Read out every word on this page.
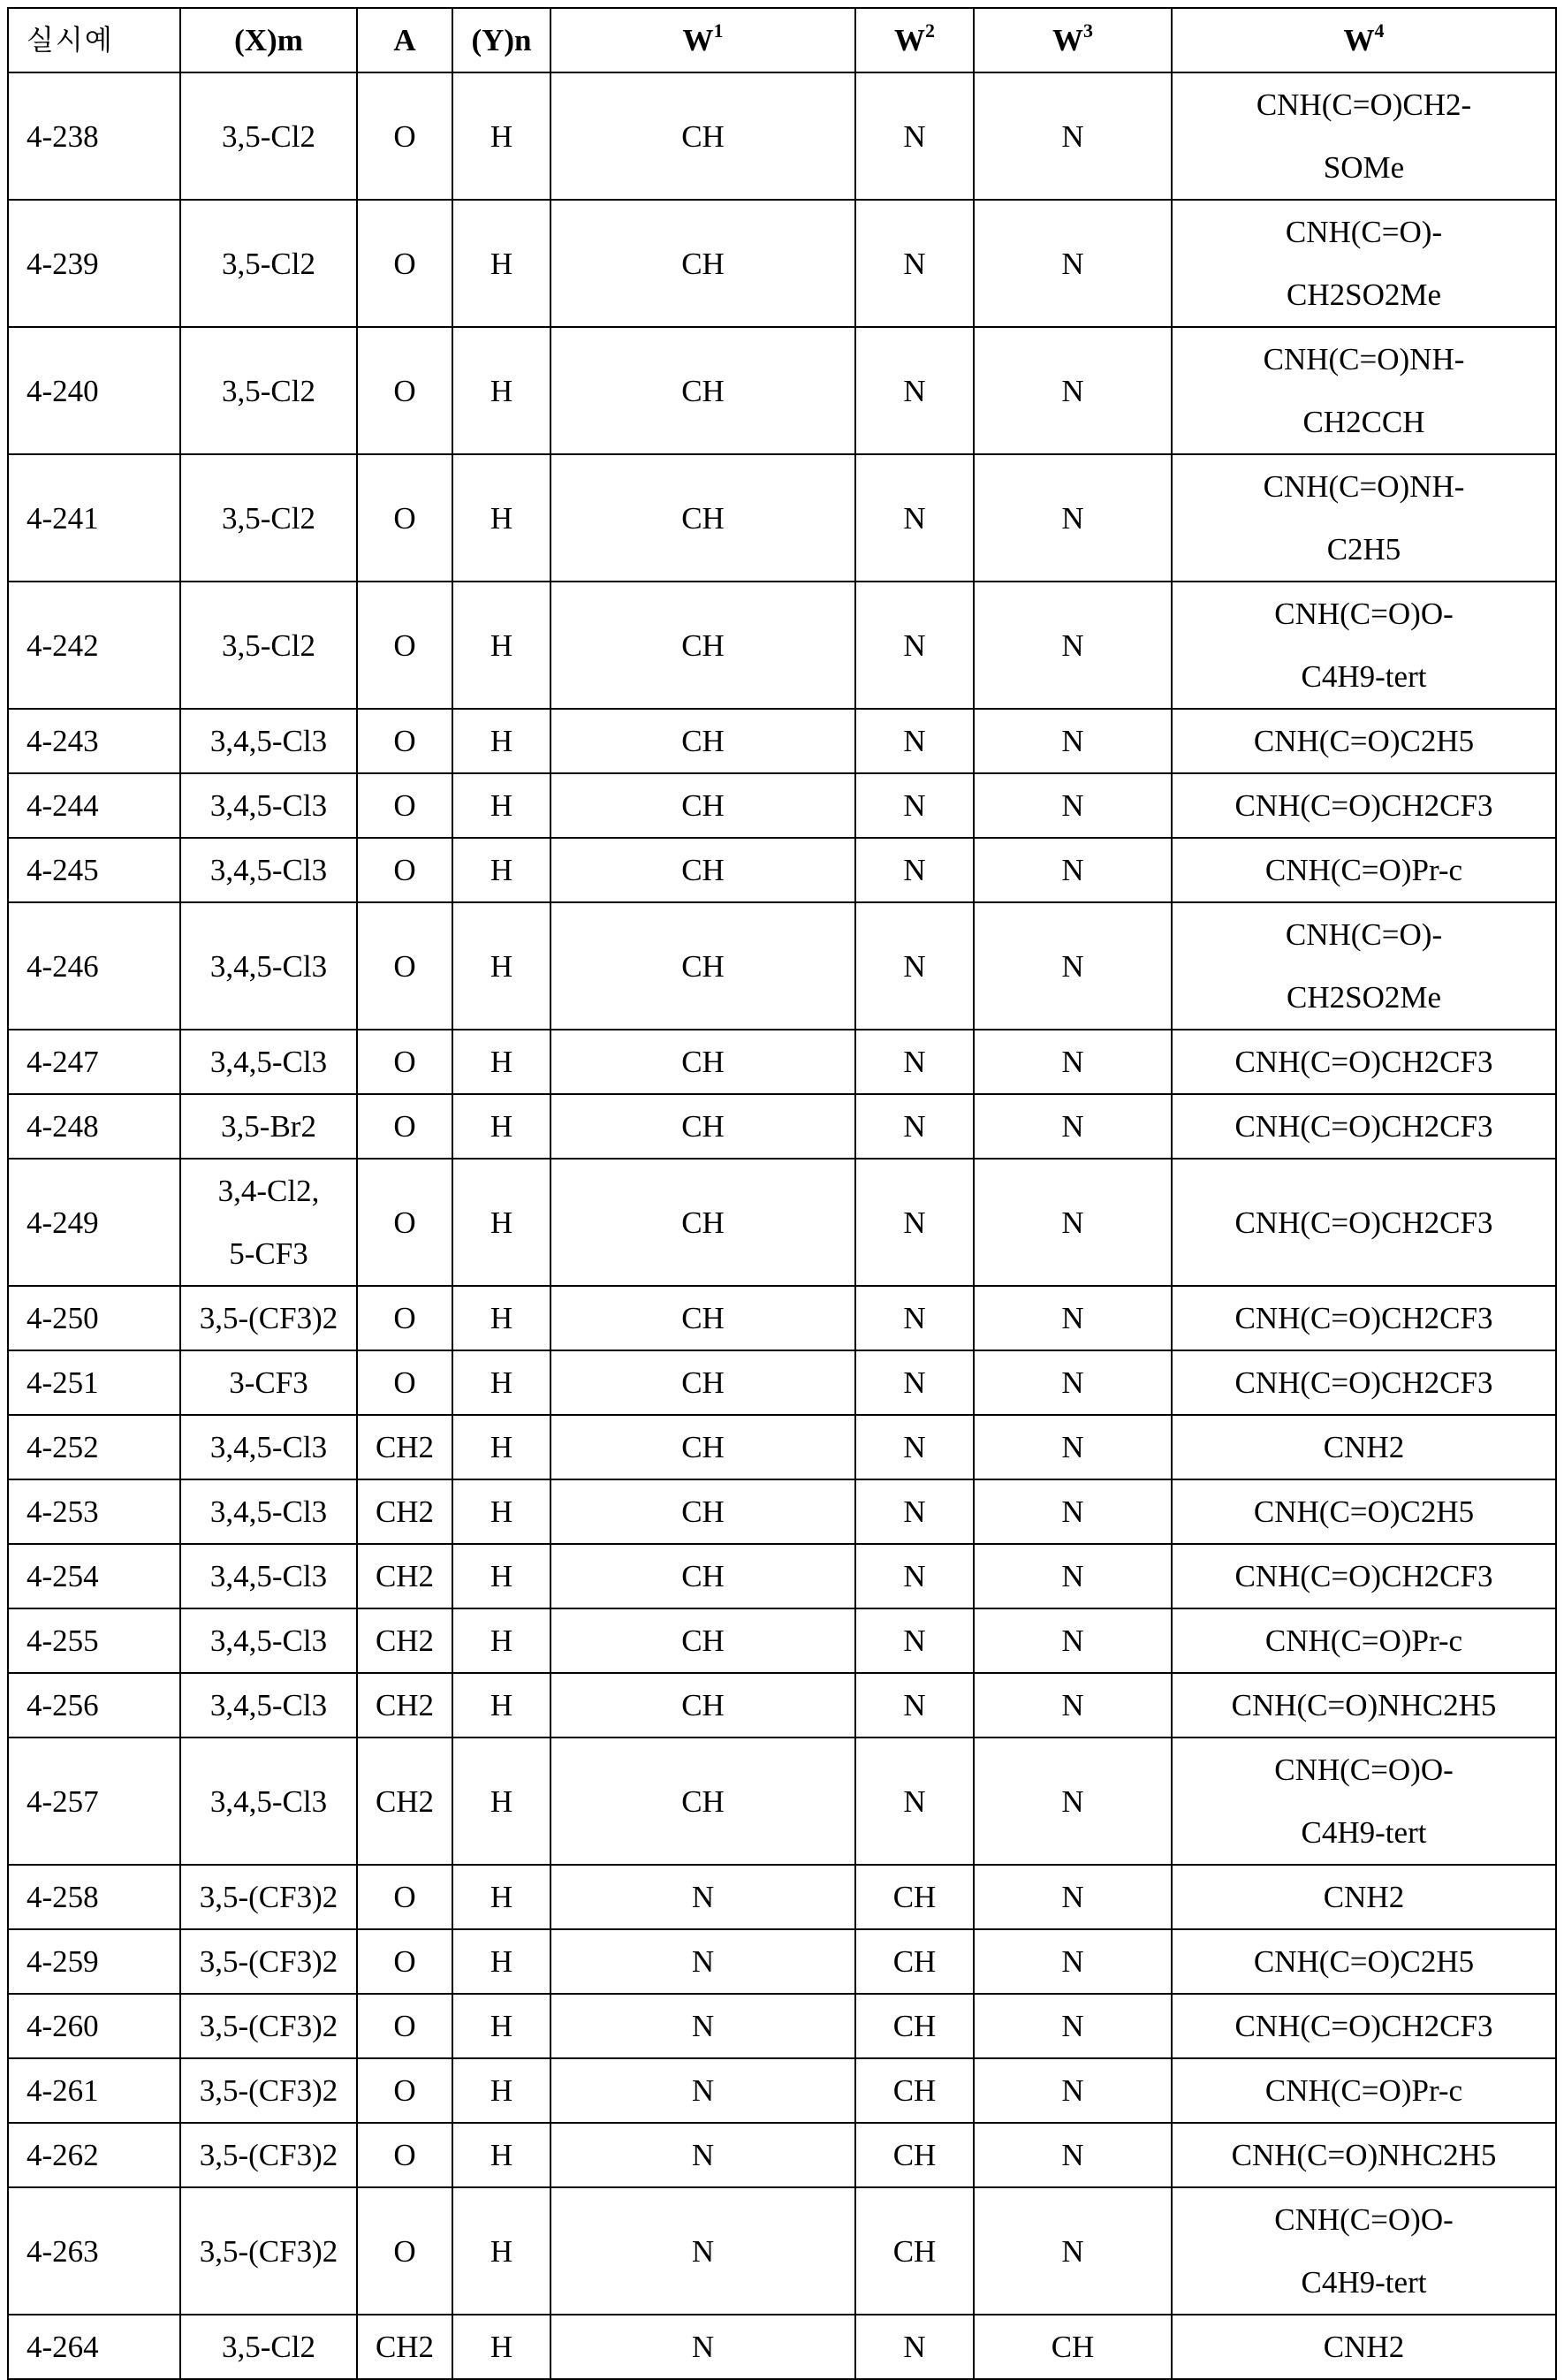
실시예	(X)m	A	(Y)n	$W^1$	$W^2$	$W^3$	$W^4$
4-238	3,5-Cl2	O	H	CH	N	N	CNH(C=O)CH2-
SOMe

4-239	3,5-Cl2	O	H	CH	N	N	CNH(C=O)-
CH2SO2Me

4-240	3,5-Cl2	O	H	CH	N	N	CNH(C=O)NH-
CH2CCH

4-241	3,5-Cl2	O	H	CH	N	N	CNH(C=O)NH-
C2H5

4-242	3,5-Cl2	O	H	CH	N	N	CNH(C=O)O-
C4H9-tert

4-243	3,4,5-Cl3	O	H	CH	N	N	CNH(C=O)C2H5

4-244	3,4,5-Cl3	O	H	CH	N	N	CNH(C=O)CH2CF3

4-245	3,4,5-Cl3	O	H	CH	N	N	CNH(C=O)Pr-c

4-246	3,4,5-Cl3	O	H	CH	N	N	CNH(C=O)-
CH2SO2Me

4-247	3,4,5-Cl3	O	H	CH	N	N	CNH(C=O)CH2CF3

4-248	3,5-Br2	O	H	CH	N	N	CNH(C=O)CH2CF3

4-249	3,4-Cl2,
5-CF3	O	H	CH	N	N	CNH(C=O)CH2CF3

4-250	3,5-(CF3)2	O	H	CH	N	N	CNH(C=O)CH2CF3

4-251	3-CF3	O	H	CH	N	N	CNH(C=O)CH2CF3

4-252	3,4,5-Cl3	CH2	H	CH	N	N	CNH2

4-253	3,4,5-Cl3	CH2	H	CH	N	N	CNH(C=O)C2H5

4-254	3,4,5-Cl3	CH2	H	CH	N	N	CNH(C=O)CH2CF3

4-255	3,4,5-Cl3	CH2	H	CH	N	N	CNH(C=O)Pr-c

4-256	3,4,5-Cl3	CH2	H	CH	N	N	CNH(C=O)NHC2H5

4-257	3,4,5-Cl3	CH2	H	CH	N	N	CNH(C=O)O-
C4H9-tert

4-258	3,5-(CF3)2	O	H	N	CH	N	CNH2

4-259	3,5-(CF3)2	O	H	N	CH	N	CNH(C=O)C2H5

4-260	3,5-(CF3)2	O	H	N	CH	N	CNH(C=O)CH2CF3

4-261	3,5-(CF3)2	O	H	N	CH	N	CNH(C=O)Pr-c

4-262	3,5-(CF3)2	O	H	N	CH	N	CNH(C=O)NHC2H5

4-263	3,5-(CF3)2	O	H	N	CH	N	CNH(C=O)O-
C4H9-tert

4-264	3,5-Cl2	CH2	H	N	N	CH	CNH2
